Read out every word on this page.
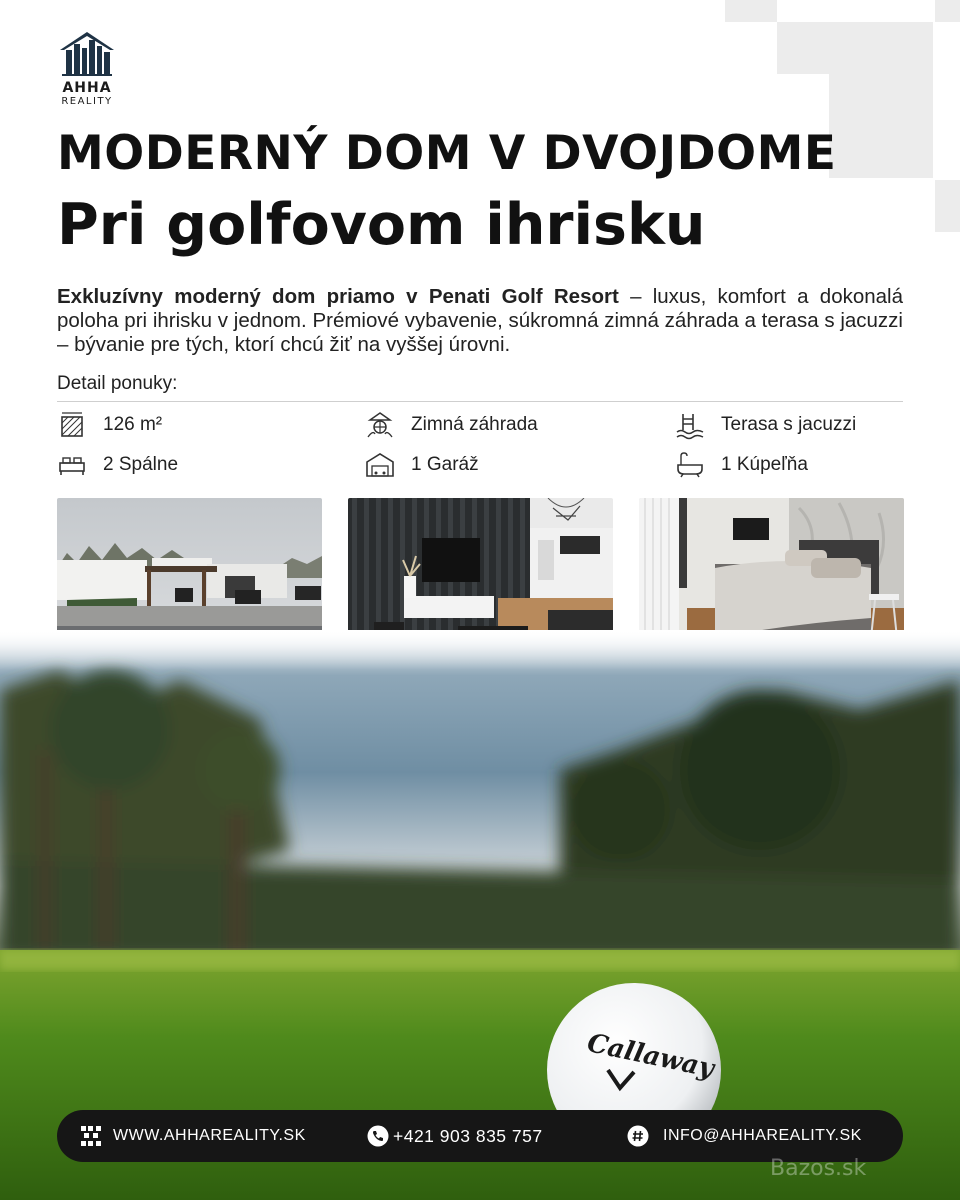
AHHA
REALITY
MODERNÝ DOM V DVOJDOME
Pri golfovom ihrisku

Exkluzívny moderný dom priamo v Penati Golf Resort – luxus, komfort a dokonalá poloha pri ihrisku v jednom. Prémiové vybavenie, súkromná zimná záhrada a terasa s jacuzzi – bývanie pre tých, ktorí chcú žiť na vyššej úrovni.

Detail ponuky:
126 m²	Zimná záhrada	Terasa s jacuzzi
2 Spálne	1 Garáž	1 Kúpeľňa
Callaway
WWW.AHHAREALITY.SK	+421 903 835 757	INFO@AHHAREALITY.SK
Bazos.sk
